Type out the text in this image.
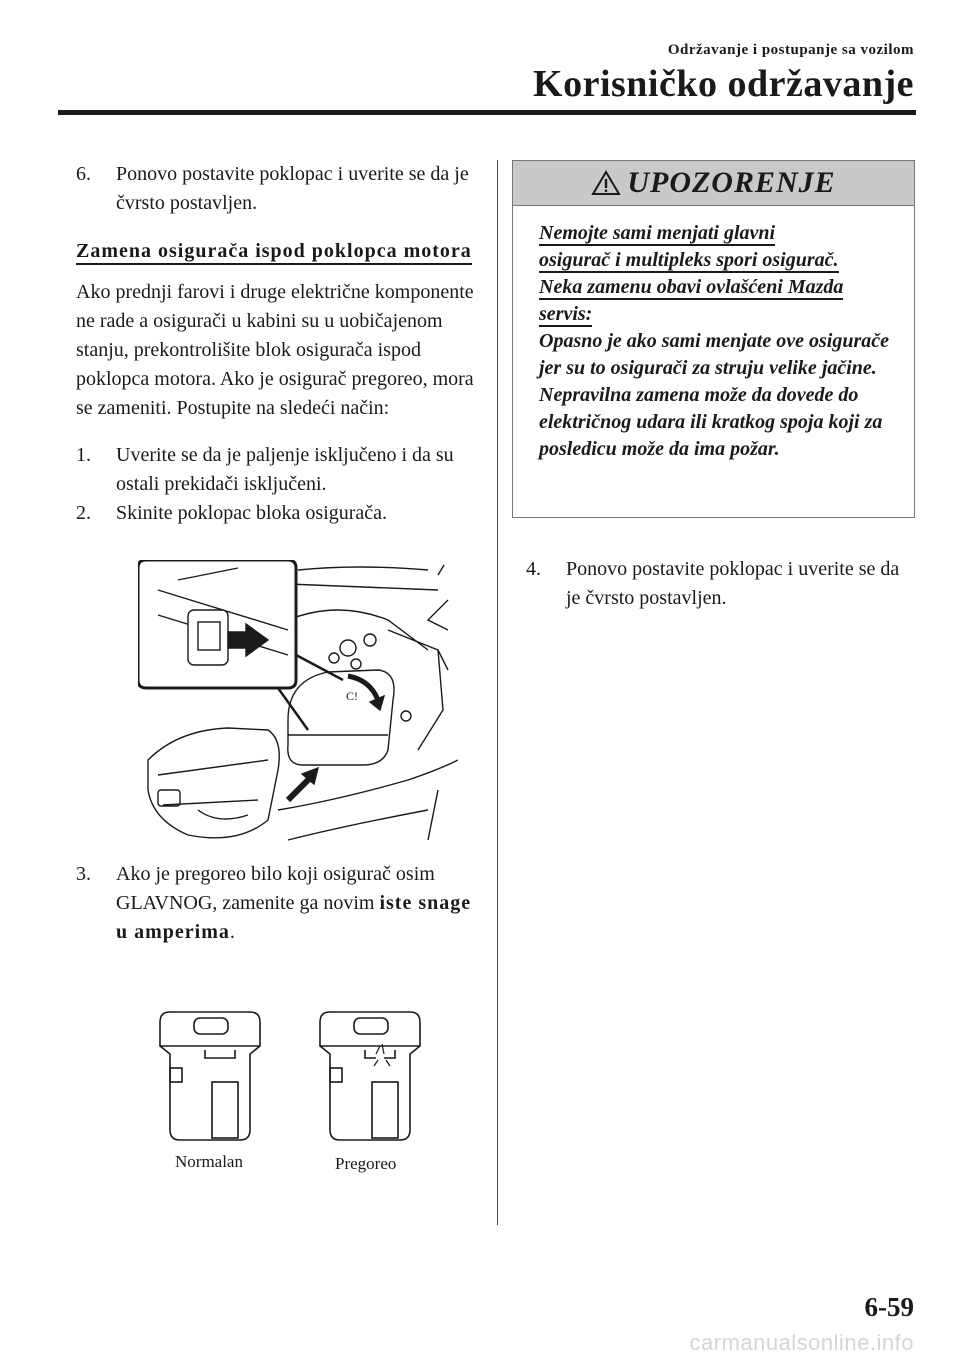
Održavanje i postupanje sa vozilom
Korisničko održavanje

6. Ponovo postavite poklopac i uverite se da je čvrsto postavljen.

Zamena osigurača ispod poklopca motora

Ako prednji farovi i druge električne komponente ne rade a osigurači u kabini su u uobičajenom stanju, prekontrolišite blok osigurača ispod poklopca motora. Ako je osigurač pregoreo, mora se zameniti. Postupite na sledeći način:

1. Uverite se da je paljenje isključeno i da su ostali prekidači isključeni.

2. Skinite poklopac bloka osigurača.

C!

3. Ako je pregoreo bilo koji osigurač osim GLAVNOG, zamenite ga novim iste snage u amperima.

Normalan	Pregoreo
UPOZORENJE
Nemojte sami menjati glavni
osigurač i multipleks spori osigurač.
Neka zamenu obavi ovlašćeni Mazda
servis:
Opasno je ako sami menjate ove osigurače jer su to osigurači za struju velike jačine. Nepravilna zamena može da dovede do električnog udara ili kratkog spoja koji za posledicu može da ima požar.

4. Ponovo postavite poklopac i uverite se da je čvrsto postavljen.

6-59
carmanualsonline.info
